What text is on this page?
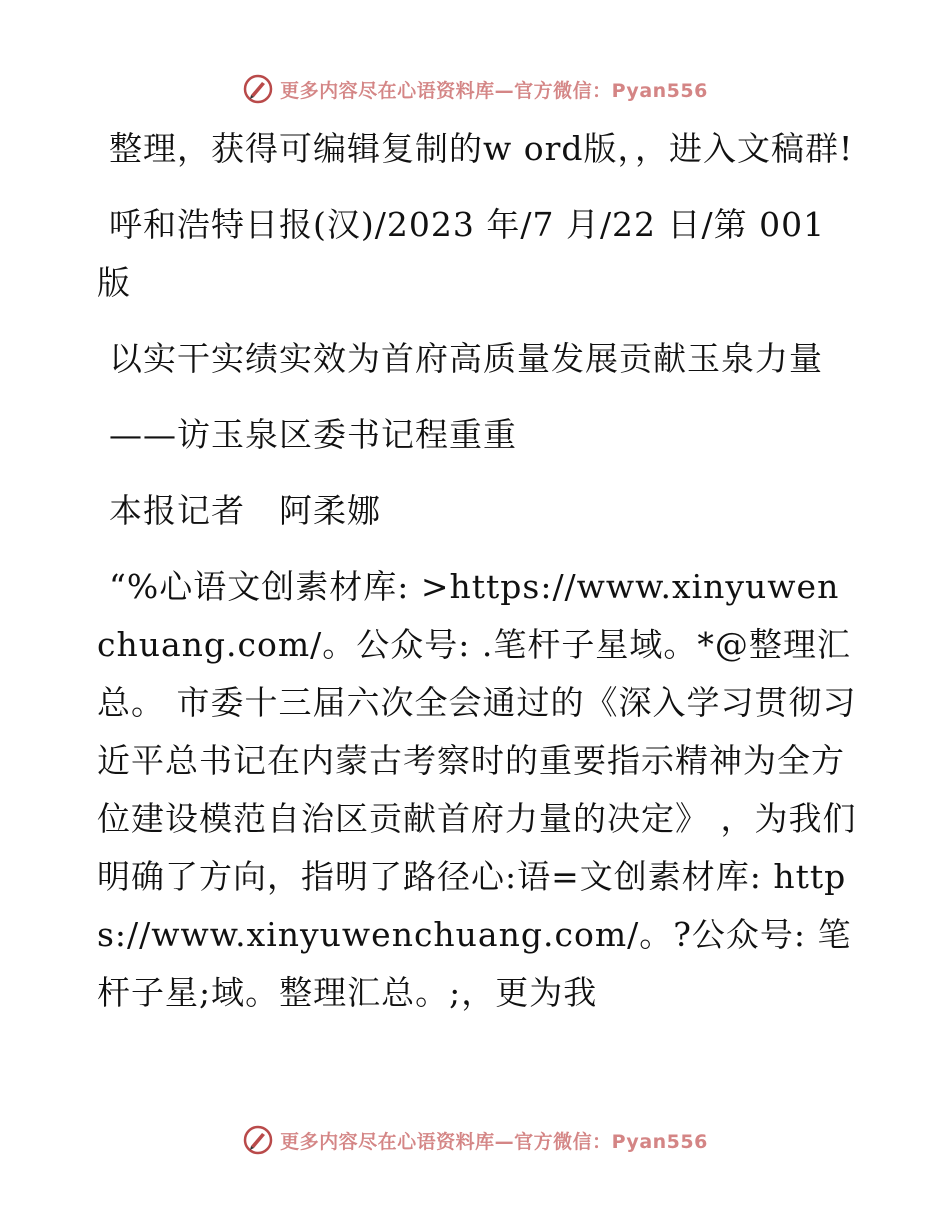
更多内容尽在心语资料库—官方微信：Pyan556

整理，获得可编辑复制的w ord版，，进入文稿群!

呼和浩特日报(汉)/2023 年/7 月/22 日/第 001 版

以实干实绩实效为首府高质量发展贡献玉泉力量

——访玉泉区委书记程重重

本报记者　阿柔娜

“%心语文创素材库: >https://www.xinyuwenchuang.com/。公众号: .笔杆子星域。*@整理汇总。 市委十三届六次全会通过的《深入学习贯彻习近平总书记在内蒙古考察时的重要指示精神为全方位建设模范自治区贡献首府力量的决定》 ，为我们明确了方向，指明了路径心:语=文创素材库: https://www.xinyuwenchuang.com/。?公众号: 笔杆子星;域。整理汇总。;，更为我

更多内容尽在心语资料库—官方微信：Pyan556
